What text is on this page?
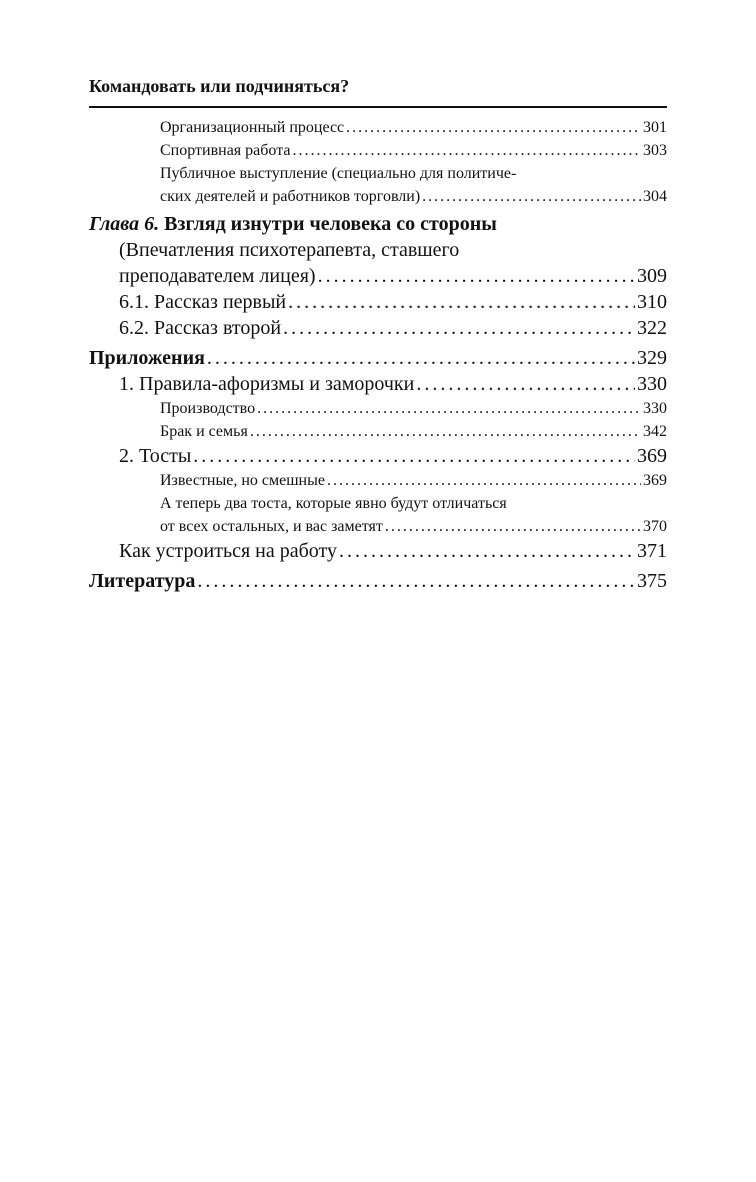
Командовать или подчиняться?
Организационный процесс . . .	301
Спортивная работа . . .	303
Публичное выступление (специально для политиче-
ских деятелей и работников торговли) . . .	304
Глава 6. Взгляд изнутри человека со стороны
(Впечатления психотерапевта, ставшего
преподавателем лицея) . . .	309
6.1. Рассказ первый . . .	310
6.2. Рассказ второй . . .	322
Приложения . . .	329
1. Правила-афоризмы и заморочки . . .	330
Производство . . .	330
Брак и семья . . .	342
2. Тосты . . .	369
Известные, но смешные . . .	369
А теперь два тоста, которые явно будут отличаться
от всех остальных, и вас заметят . . .	370
Как устроиться на работу . . .	371
Литература . . .	375
